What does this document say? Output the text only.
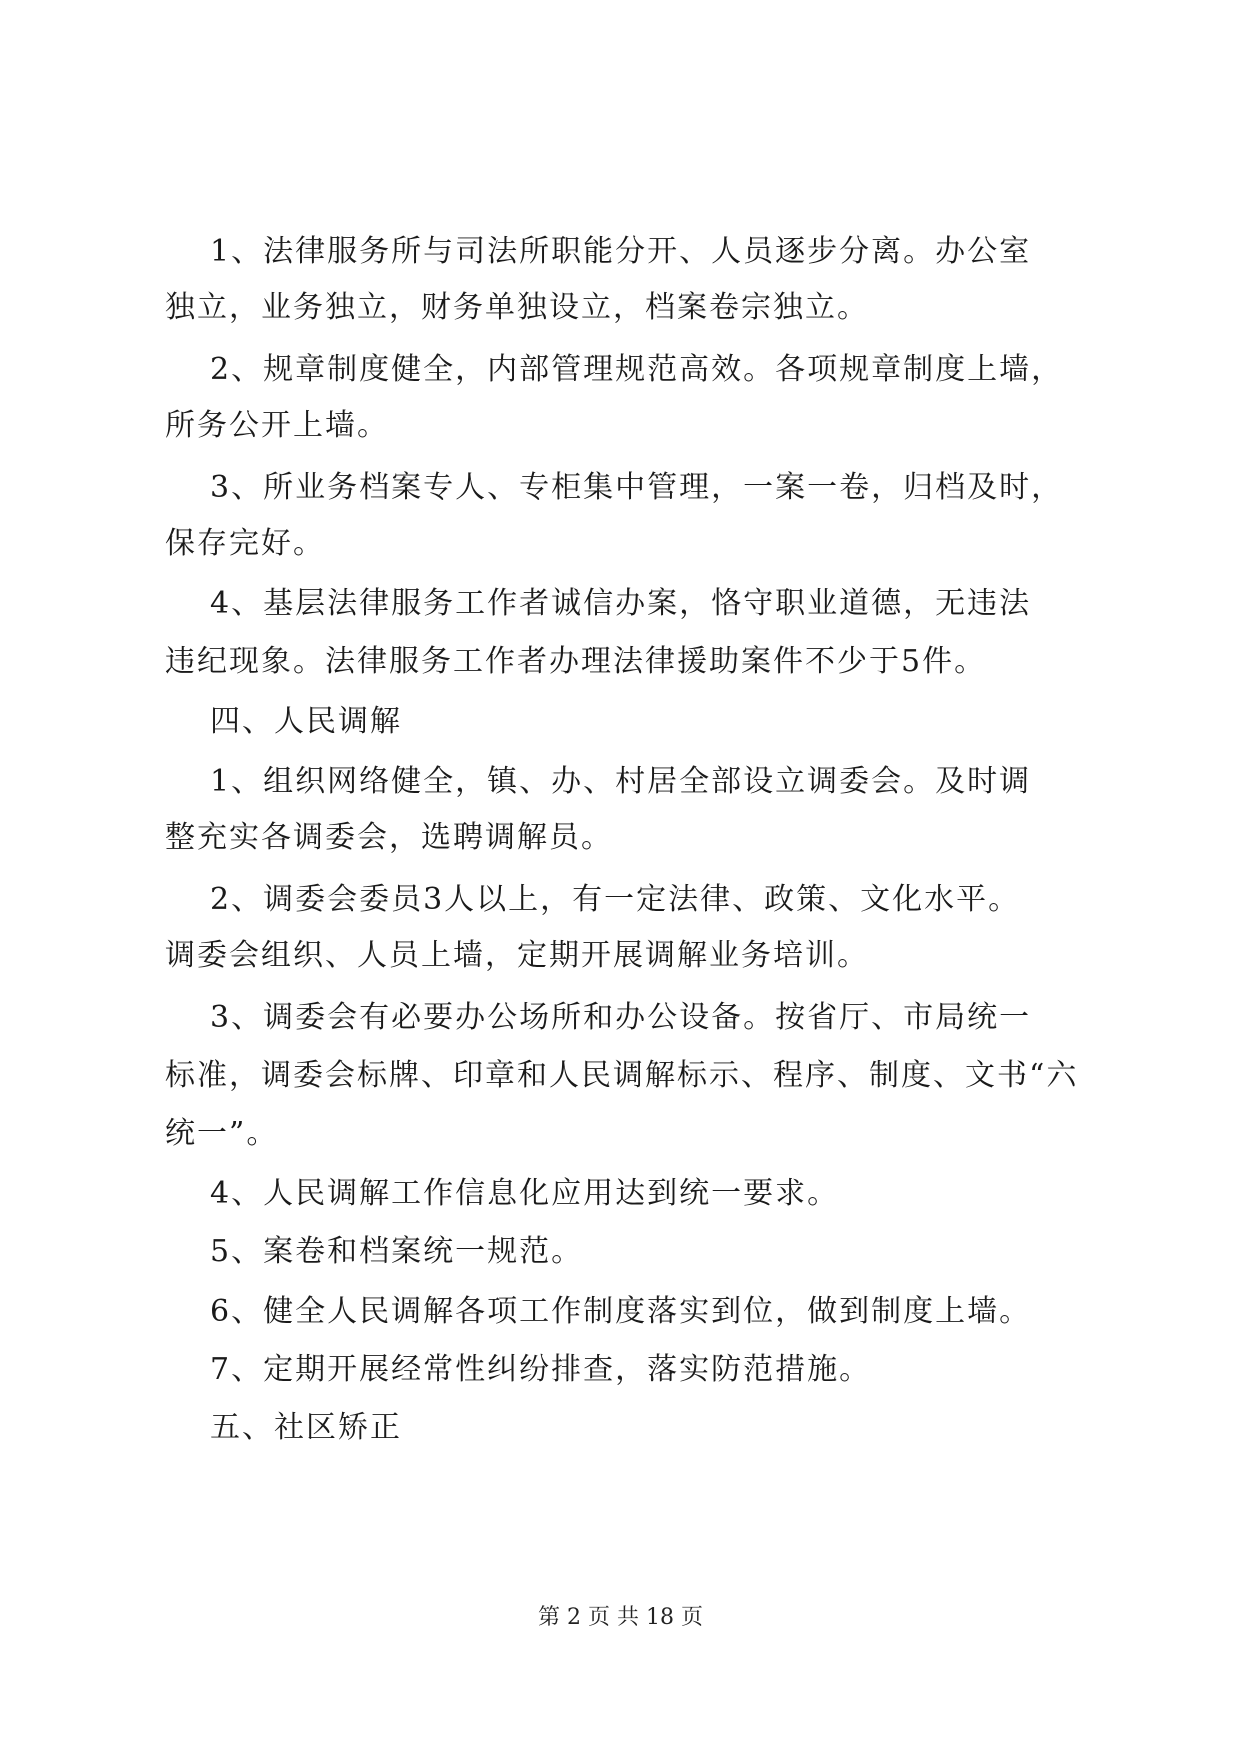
1、法律服务所与司法所职能分开、人员逐步分离。办公室
独立，业务独立，财务单独设立，档案卷宗独立。
2、规章制度健全，内部管理规范高效。各项规章制度上墙，
所务公开上墙。
3、所业务档案专人、专柜集中管理，一案一卷，归档及时，
保存完好。
4、基层法律服务工作者诚信办案，恪守职业道德，无违法
违纪现象。法律服务工作者办理法律援助案件不少于5件。
四、人民调解
1、组织网络健全，镇、办、村居全部设立调委会。及时调
整充实各调委会，选聘调解员。
2、调委会委员3人以上，有一定法律、政策、文化水平。
调委会组织、人员上墙，定期开展调解业务培训。
3、调委会有必要办公场所和办公设备。按省厅、市局统一
标准，调委会标牌、印章和人民调解标示、程序、制度、文书“六
统一”。
4、人民调解工作信息化应用达到统一要求。
5、案卷和档案统一规范。
6、健全人民调解各项工作制度落实到位，做到制度上墙。
7、定期开展经常性纠纷排查，落实防范措施。
五、社区矫正
第 2 页 共 18 页
